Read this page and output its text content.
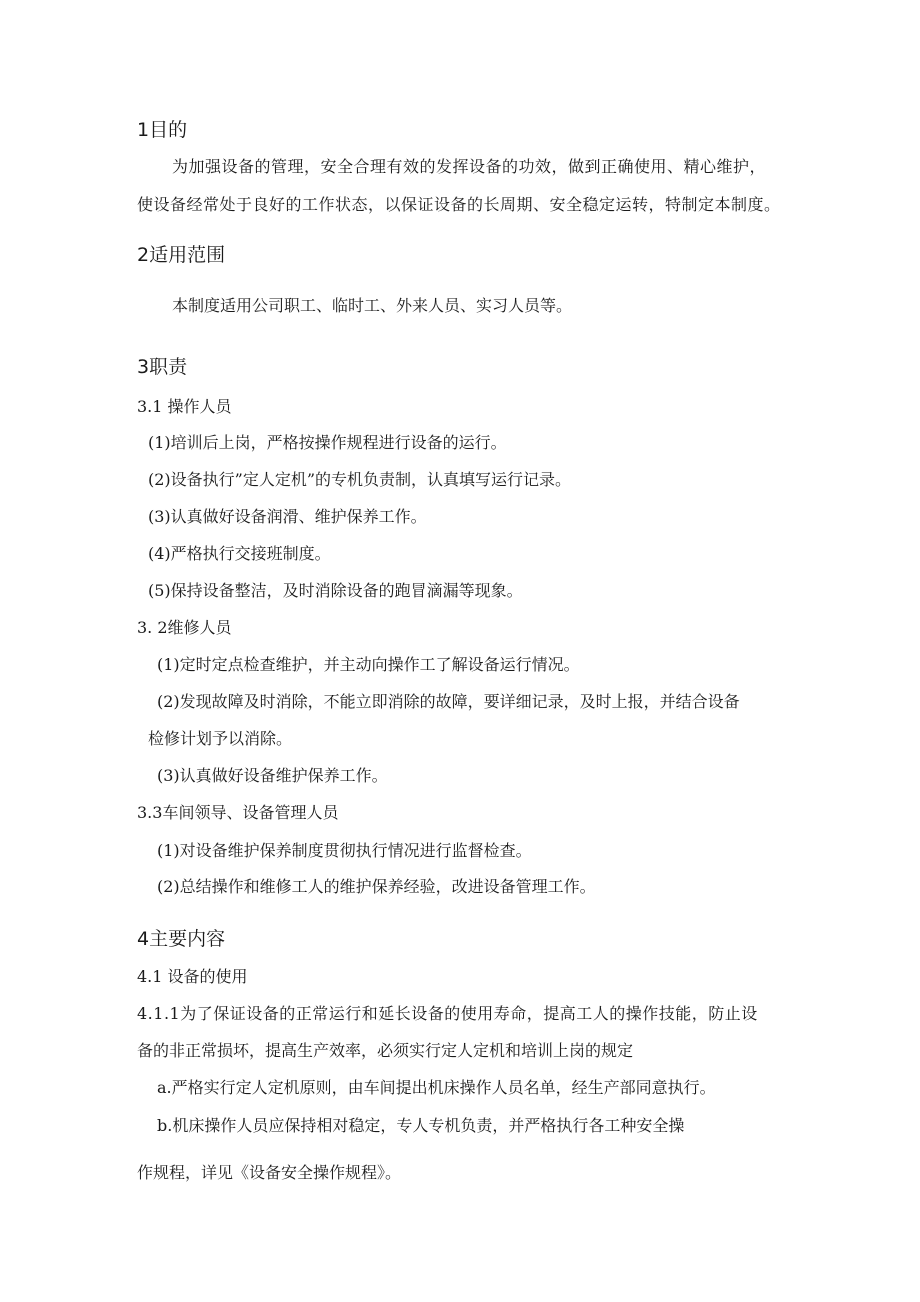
1目的

为加强设备的管理，安全合理有效的发挥设备的功效，做到正确使用、精心维护，

使设备经常处于良好的工作状态，以保证设备的长周期、安全稳定运转，特制定本制度。

2适用范围

本制度适用公司职工、临时工、外来人员、实习人员等。

3职责

3.1 操作人员

(1)培训后上岗，严格按操作规程进行设备的运行。

(2)设备执行”定人定机”的专机负责制，认真填写运行记录。

(3)认真做好设备润滑、维护保养工作。

(4)严格执行交接班制度。

(5)保持设备整洁，及时消除设备的跑冒滴漏等现象。

3. 2维修人员

(1)定时定点检查维护，并主动向操作工了解设备运行情况。

(2)发现故障及时消除，不能立即消除的故障，要详细记录，及时上报，并结合设备

检修计划予以消除。

(3)认真做好设备维护保养工作。

3.3车间领导、设备管理人员

(1)对设备维护保养制度贯彻执行情况进行监督检查。

(2)总结操作和维修工人的维护保养经验，改进设备管理工作。

4主要内容

4.1 设备的使用

4.1.1为了保证设备的正常运行和延长设备的使用寿命，提高工人的操作技能，防止设

备的非正常损坏，提高生产效率，必须实行定人定机和培训上岗的规定

a.严格实行定人定机原则，由车间提出机床操作人员名单，经生产部同意执行。

b.机床操作人员应保持相对稳定，专人专机负责，并严格执行各工种安全操

作规程，详见《设备安全操作规程》。
